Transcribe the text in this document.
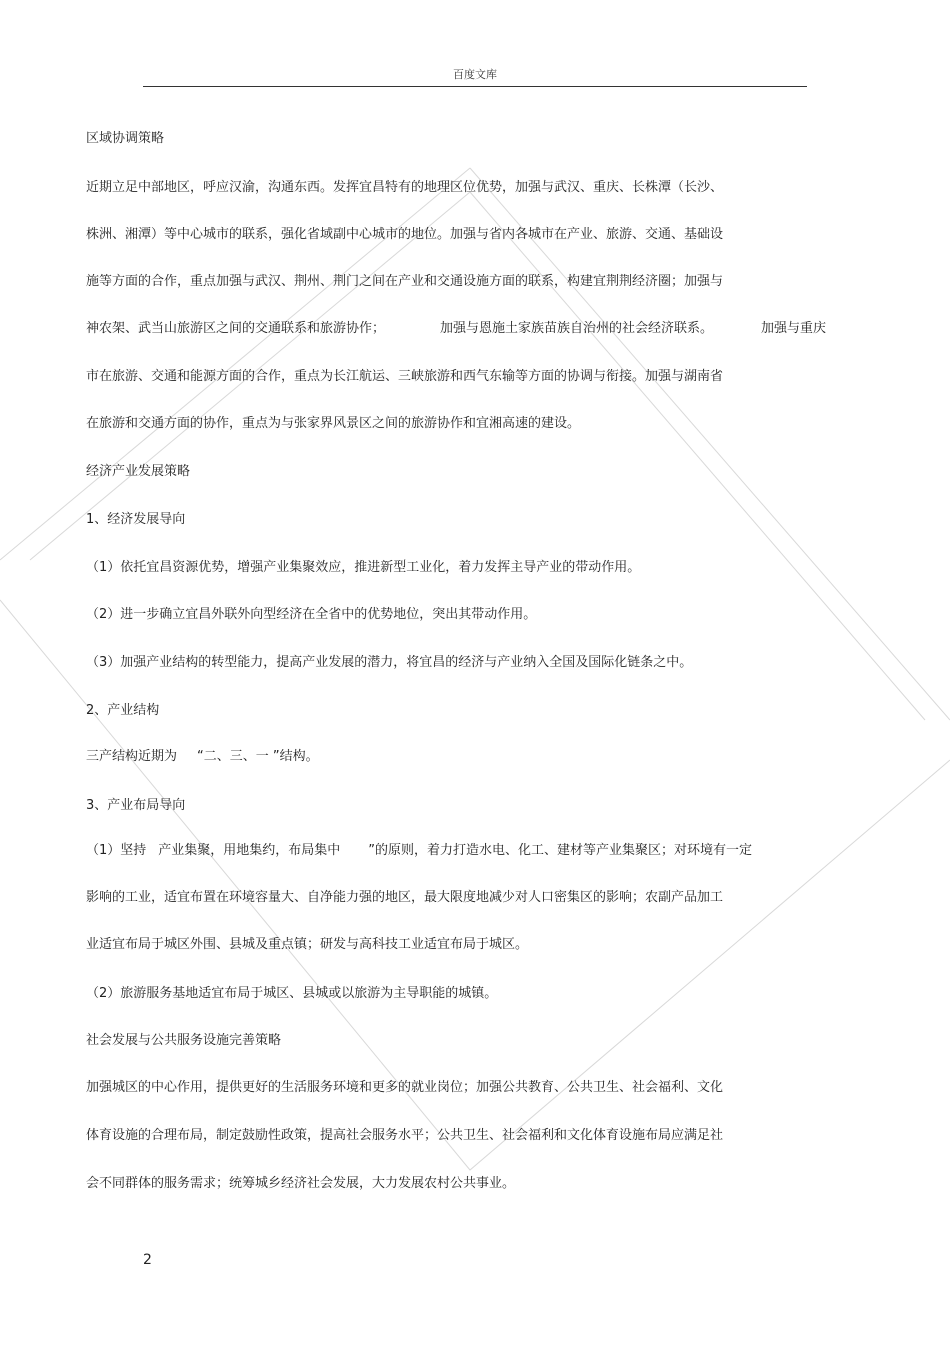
百度文库
区域协调策略
近期立足中部地区，呼应汉渝，沟通东西。发挥宜昌特有的地理区位优势，加强与武汉、重庆、长株潭（长沙、
株洲、湘潭）等中心城市的联系，强化省域副中心城市的地位。加强与省内各城市在产业、旅游、交通、基础设
施等方面的合作，重点加强与武汉、荆州、荆门之间在产业和交通设施方面的联系，构建宜荆荆经济圈；加强与
神农架、武当山旅游区之间的交通联系和旅游协作；	加强与恩施土家族苗族自治州的社会经济联系。	加强与重庆
市在旅游、交通和能源方面的合作，重点为长江航运、三峡旅游和西气东输等方面的协调与衔接。加强与湖南省
在旅游和交通方面的协作，重点为与张家界风景区之间的旅游协作和宜湘高速的建设。
经济产业发展策略
1、经济发展导向
（1）依托宜昌资源优势，增强产业集聚效应，推进新型工业化，着力发挥主导产业的带动作用。
（2）进一步确立宜昌外联外向型经济在全省中的优势地位，突出其带动作用。
（3）加强产业结构的转型能力，提高产业发展的潜力，将宜昌的经济与产业纳入全国及国际化链条之中。
2、产业结构
三产结构近期为 “二、三、一 ”结构。
3、产业布局导向
（1）坚持 产业集聚，用地集约，布局集中 ”的原则，着力打造水电、化工、建材等产业集聚区；对环境有一定
影响的工业，适宜布置在环境容量大、自净能力强的地区，最大限度地减少对人口密集区的影响；农副产品加工
业适宜布局于城区外围、县城及重点镇；研发与高科技工业适宜布局于城区。
（2）旅游服务基地适宜布局于城区、县城或以旅游为主导职能的城镇。
社会发展与公共服务设施完善策略
加强城区的中心作用，提供更好的生活服务环境和更多的就业岗位；加强公共教育、公共卫生、社会福利、文化
体育设施的合理布局，制定鼓励性政策，提高社会服务水平；公共卫生、社会福利和文化体育设施布局应满足社
会不同群体的服务需求；统筹城乡经济社会发展，大力发展农村公共事业。
2
